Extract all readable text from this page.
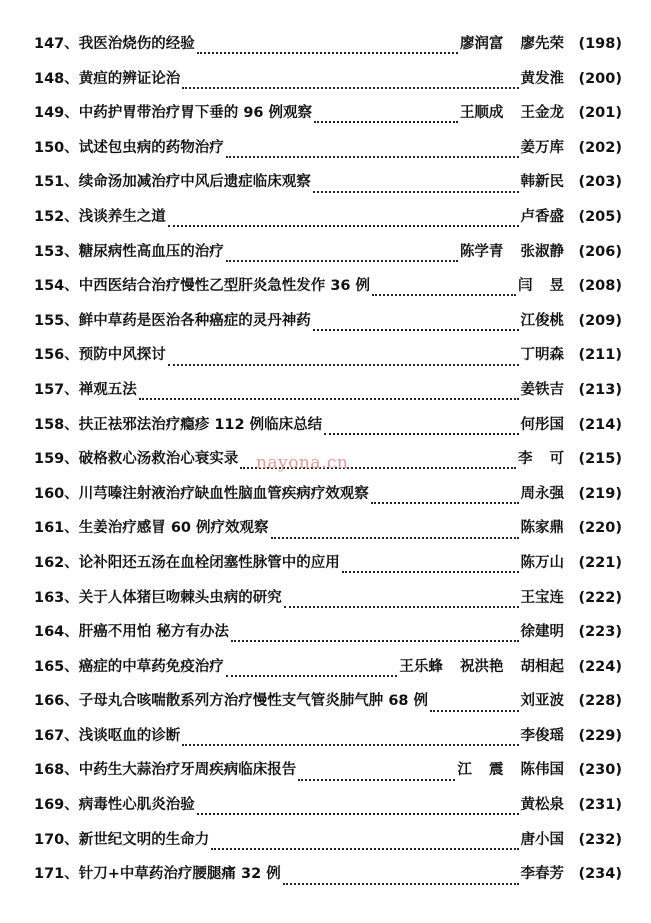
147、 我医治烧伤的经验	廖润富 廖先荣 (198)
148、 黄疸的辨证论治	黄发淮 (200)
149、 中药护胃带治疗胃下垂的 96 例观察	王顺成 王金龙 (201)
150、 试述包虫病的药物治疗	姜万库 (202)
151、 续命汤加减治疗中风后遗症临床观察	韩新民 (203)
152、 浅谈养生之道	卢香盛 (205)
153、 糖尿病性高血压的治疗	陈学青 张淑静 (206)
154、 中西医结合治疗慢性乙型肝炎急性发作 36 例	闫 昱 (208)
155、 鲜中草药是医治各种癌症的灵丹神药	江俊桃 (209)
156、 预防中风探讨	丁明森 (211)
157、 禅观五法	姜铁吉 (213)
158、 扶正祛邪法治疗瘾疹 112 例临床总结	何彤国 (214)
159、 破格救心汤救治心衰实录	李 可 (215)
160、 川芎嗪注射液治疗缺血性脑血管疾病疗效观察	周永强 (219)
161、 生姜治疗感冒 60 例疗效观察	陈家鼎 (220)
162、 论补阳还五汤在血栓闭塞性脉管中的应用	陈万山 (221)
163、 关于人体猪巨吻棘头虫病的研究	王宝连 (222)
164、 肝癌不用怕 秘方有办法	徐建明 (223)
165、 癌症的中草药免疫治疗	王乐蜂 祝洪艳 胡相起 (224)
166、 子母丸合咳喘散系列方治疗慢性支气管炎肺气肿 68 例	刘亚波 (228)
167、 浅谈呕血的诊断	李俊瑶 (229)
168、 中药生大蒜治疗牙周疾病临床报告	江 震 陈伟国 (230)
169、 病毒性心肌炎治验	黄松泉 (231)
170、 新世纪文明的生命力	唐小国 (232)
171、 针刀+中草药治疗腰腿痛 32 例	李春芳 (234)
nayona.cn
